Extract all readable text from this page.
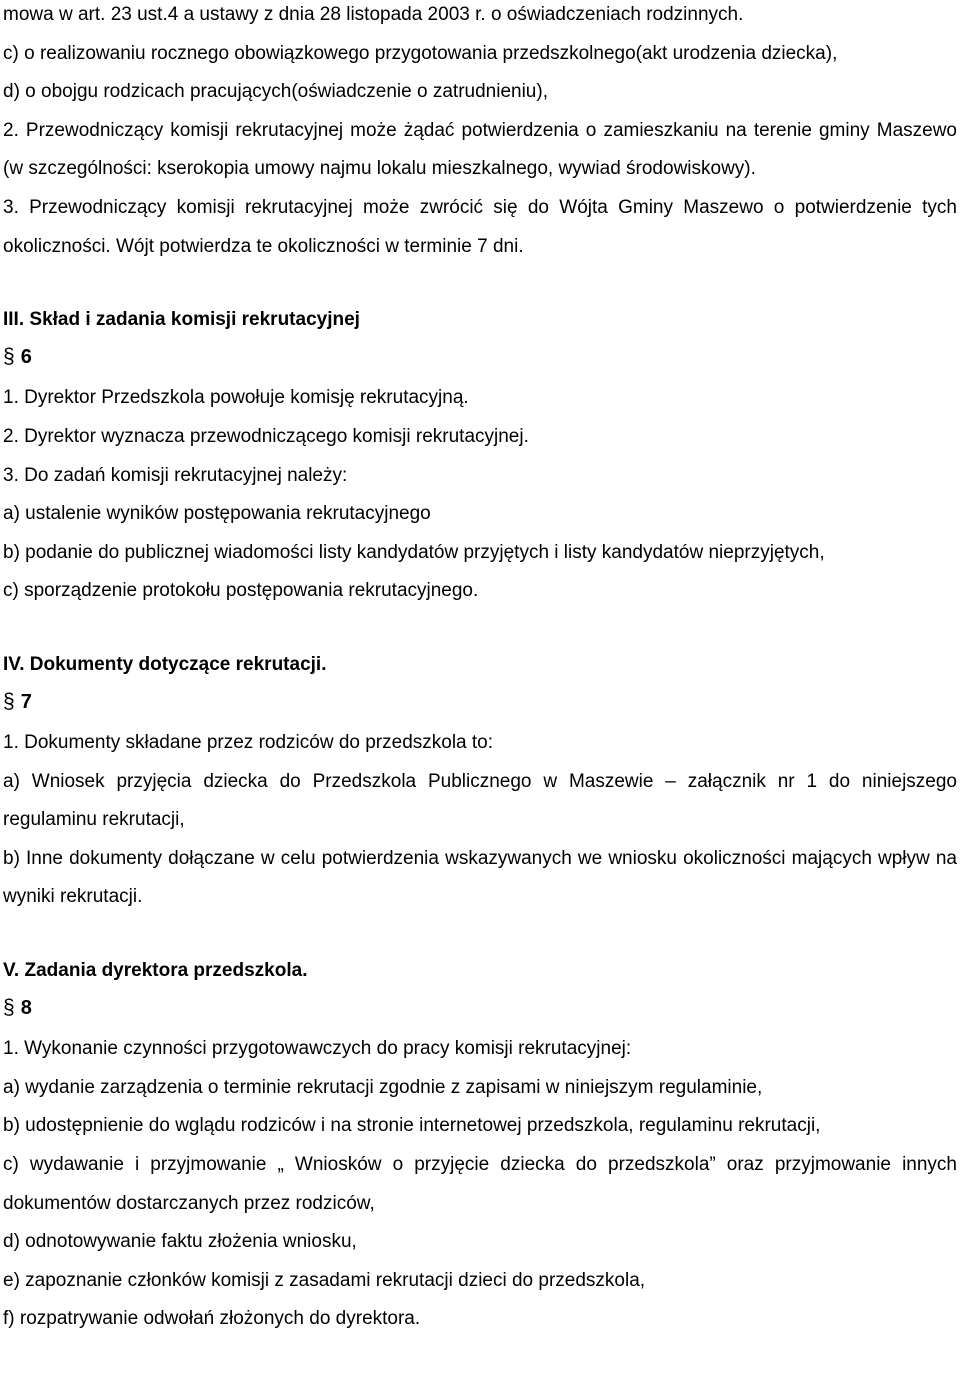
mowa w art. 23 ust.4 a ustawy z dnia 28 listopada 2003 r. o oświadczeniach rodzinnych.

c) o realizowaniu rocznego obowiązkowego przygotowania przedszkolnego(akt urodzenia dziecka),

d) o obojgu rodzicach pracujących(oświadczenie o zatrudnieniu),

2. Przewodniczący komisji rekrutacyjnej może żądać potwierdzenia o zamieszkaniu na terenie gminy Maszewo (w szczególności: kserokopia umowy najmu lokalu mieszkalnego, wywiad środowiskowy).

3. Przewodniczący komisji rekrutacyjnej może zwrócić się do Wójta Gminy Maszewo o potwierdzenie tych okoliczności. Wójt potwierdza te okoliczności w terminie 7 dni.

III. Skład i zadania komisji rekrutacyjnej

§ 6

1. Dyrektor Przedszkola powołuje komisję rekrutacyjną.

2. Dyrektor wyznacza przewodniczącego komisji rekrutacyjnej.

3. Do zadań komisji rekrutacyjnej należy:

a) ustalenie wyników postępowania rekrutacyjnego

b) podanie do publicznej wiadomości listy kandydatów przyjętych i listy kandydatów nieprzyjętych,

c) sporządzenie protokołu postępowania rekrutacyjnego.

IV. Dokumenty dotyczące rekrutacji.

§ 7

1. Dokumenty składane przez rodziców do przedszkola to:

a) Wniosek przyjęcia dziecka do Przedszkola Publicznego w Maszewie – załącznik nr 1 do niniejszego regulaminu rekrutacji,

b) Inne dokumenty dołączane w celu potwierdzenia wskazywanych we wniosku okoliczności mających wpływ na wyniki rekrutacji.

V. Zadania dyrektora przedszkola.

§ 8

1. Wykonanie czynności przygotowawczych do pracy komisji rekrutacyjnej:

a) wydanie zarządzenia o terminie rekrutacji zgodnie z zapisami w niniejszym regulaminie,

b) udostępnienie do wglądu rodziców i na stronie internetowej przedszkola, regulaminu rekrutacji,

c) wydawanie i przyjmowanie „ Wniosków o przyjęcie dziecka do przedszkola” oraz przyjmowanie innych dokumentów dostarczanych przez rodziców,

d) odnotowywanie faktu złożenia wniosku,

e) zapoznanie członków komisji z zasadami rekrutacji dzieci do przedszkola,

f) rozpatrywanie odwołań złożonych do dyrektora.
